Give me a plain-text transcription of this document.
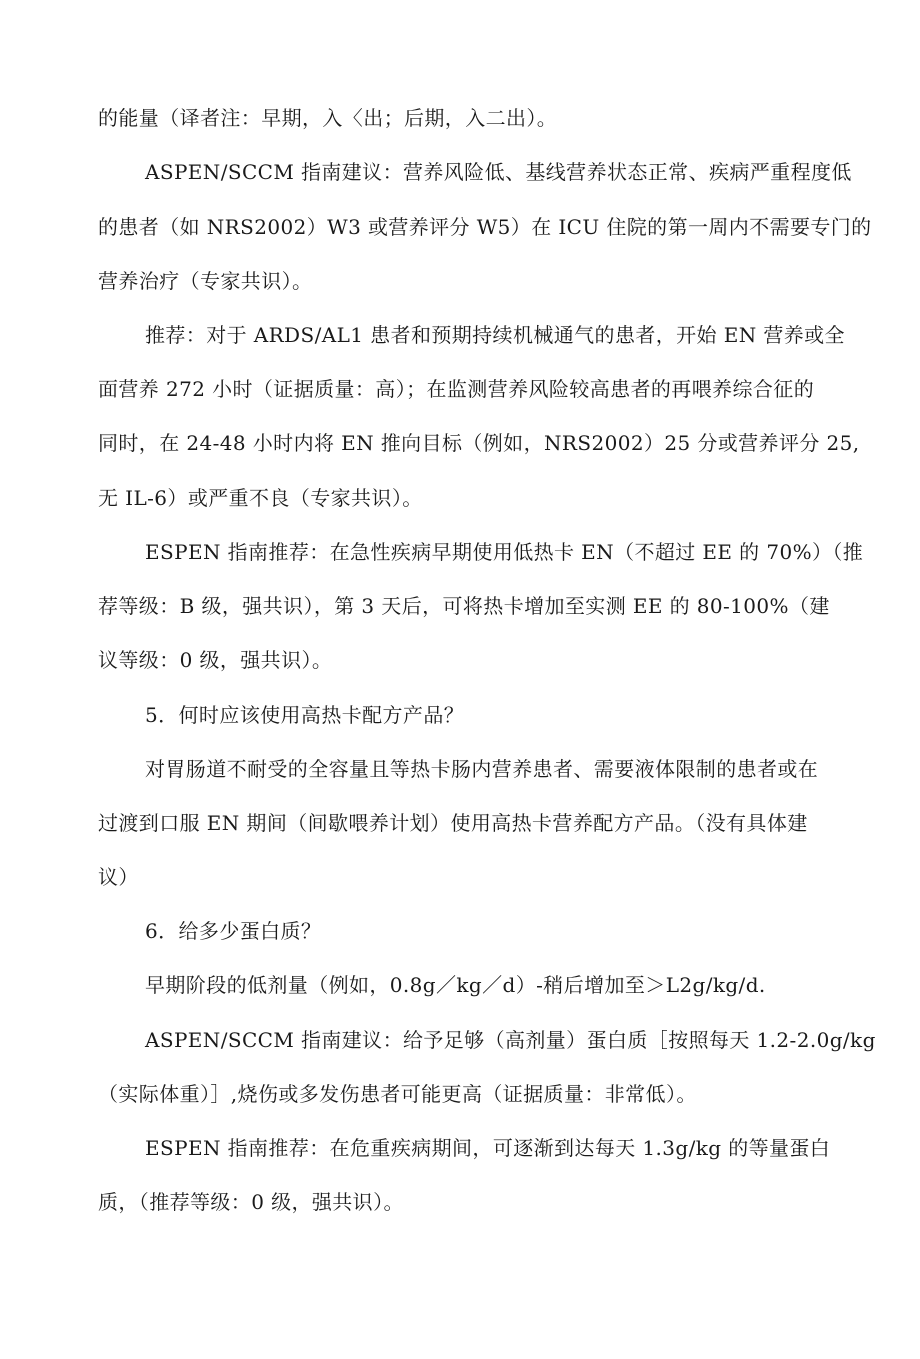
的能量（译者注：早期，入〈出；后期，入二出）。
ASPEN/SCCM 指南建议：营养风险低、基线营养状态正常、疾病严重程度低
的患者（如 NRS2002）W3 或营养评分 W5）在 ICU 住院的第一周内不需要专门的
营养治疗（专家共识）。
推荐：对于 ARDS/AL1 患者和预期持续机械通气的患者，开始 EN 营养或全
面营养 272 小时（证据质量：高）；在监测营养风险较高患者的再喂养综合征的
同时，在 24-48 小时内将 EN 推向目标（例如，NRS2002）25 分或营养评分 25,
无 IL-6）或严重不良（专家共识）。
ESPEN 指南推荐：在急性疾病早期使用低热卡 EN（不超过 EE 的 70%）（推
荐等级：B 级，强共识），第 3 天后，可将热卡增加至实测 EE 的 80-100%（建
议等级：0 级，强共识）。
5．何时应该使用高热卡配方产品？
对胃肠道不耐受的全容量且等热卡肠内营养患者、需要液体限制的患者或在
过渡到口服 EN 期间（间歇喂养计划）使用高热卡营养配方产品。（没有具体建
议）
6．给多少蛋白质？
早期阶段的低剂量（例如，0.8g／kg／d）-稍后增加至＞L2g/kg/d.
ASPEN/SCCM 指南建议：给予足够（高剂量）蛋白质［按照每天 1.2-2.0g/kg
（实际体重）］,烧伤或多发伤患者可能更高（证据质量：非常低）。
ESPEN 指南推荐：在危重疾病期间，可逐渐到达每天 1.3g/kg 的等量蛋白
质，（推荐等级：0 级，强共识）。
